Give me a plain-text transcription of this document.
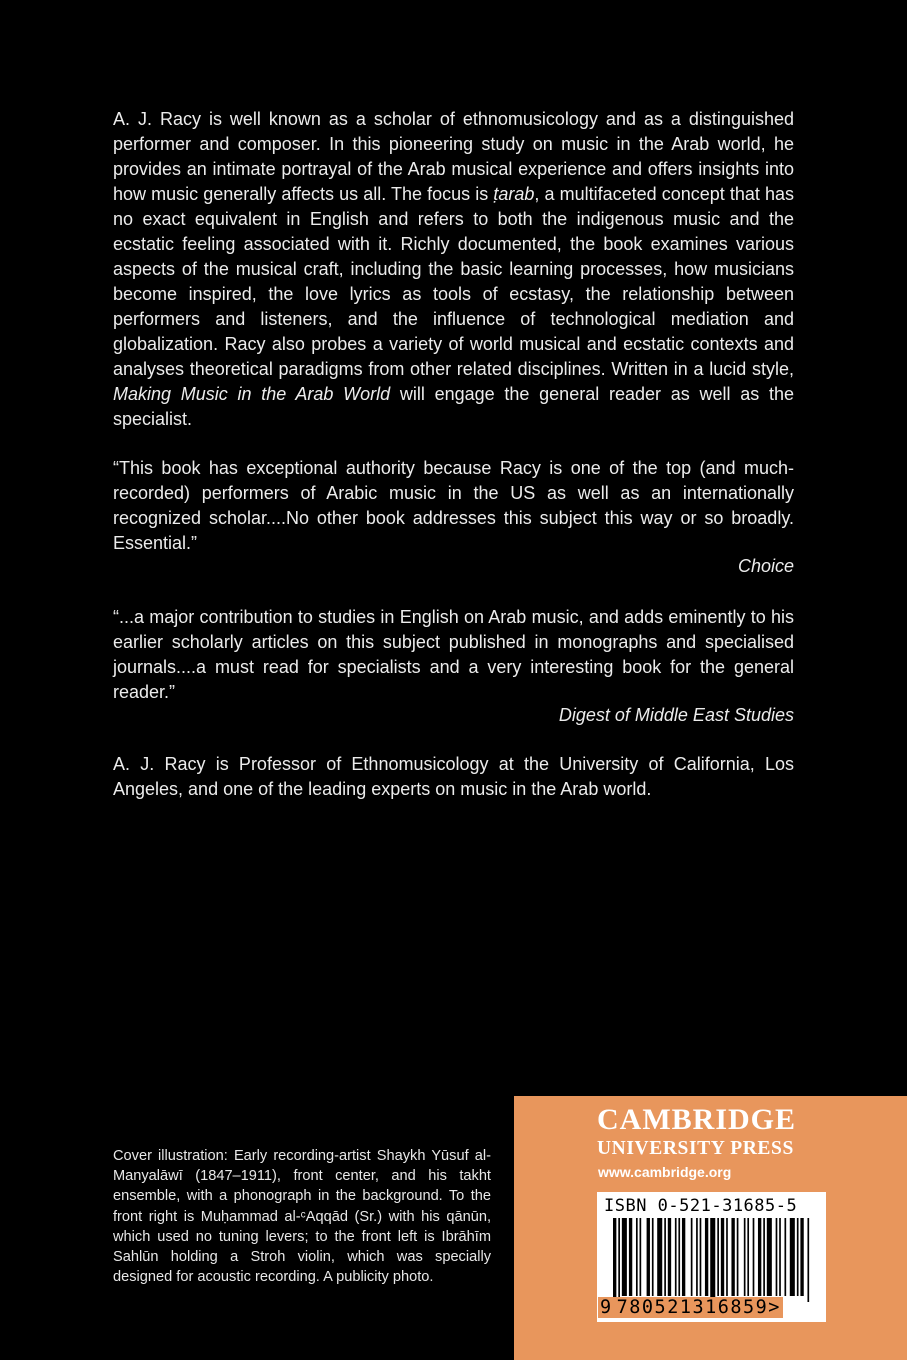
A. J. Racy is well known as a scholar of ethnomusicology and as a distinguished performer and composer. In this pioneering study on music in the Arab world, he provides an intimate portrayal of the Arab musical experience and offers insights into how music generally affects us all. The focus is ṭarab, a multifaceted concept that has no exact equivalent in English and refers to both the indigenous music and the ecstatic feeling associated with it. Richly documented, the book examines various aspects of the musical craft, including the basic learning processes, how musicians become inspired, the love lyrics as tools of ecstasy, the relationship between performers and listeners, and the influence of technological mediation and globalization. Racy also probes a variety of world musical and ecstatic contexts and analyses theoretical paradigms from other related disciplines. Written in a lucid style, Making Music in the Arab World will engage the general reader as well as the specialist.

“This book has exceptional authority because Racy is one of the top (and much-recorded) performers of Arabic music in the US as well as an internationally recognized scholar....No other book addresses this subject this way or so broadly. Essential.”

Choice

“...a major contribution to studies in English on Arab music, and adds eminently to his earlier scholarly articles on this subject published in monographs and specialised journals....a must read for specialists and a very interesting book for the general reader.”

Digest of Middle East Studies

A. J. Racy is Professor of Ethnomusicology at the University of California, Los Angeles, and one of the leading experts on music in the Arab world.

Cover illustration: Early recording-artist Shaykh Yūsuf al-Manyalāwī (1847–1911), front center, and his takht ensemble, with a phonograph in the background. To the front right is Muḥammad al-ᶜAqqād (Sr.) with his qānūn, which used no tuning levers; to the front left is Ibrāhīm Sahlūn holding a Stroh violin, which was specially designed for acoustic recording. A publicity photo.
CAMBRIDGE
UNIVERSITY PRESS
www.cambridge.org
ISBN 0-521-31685-5
9 780521316859>
